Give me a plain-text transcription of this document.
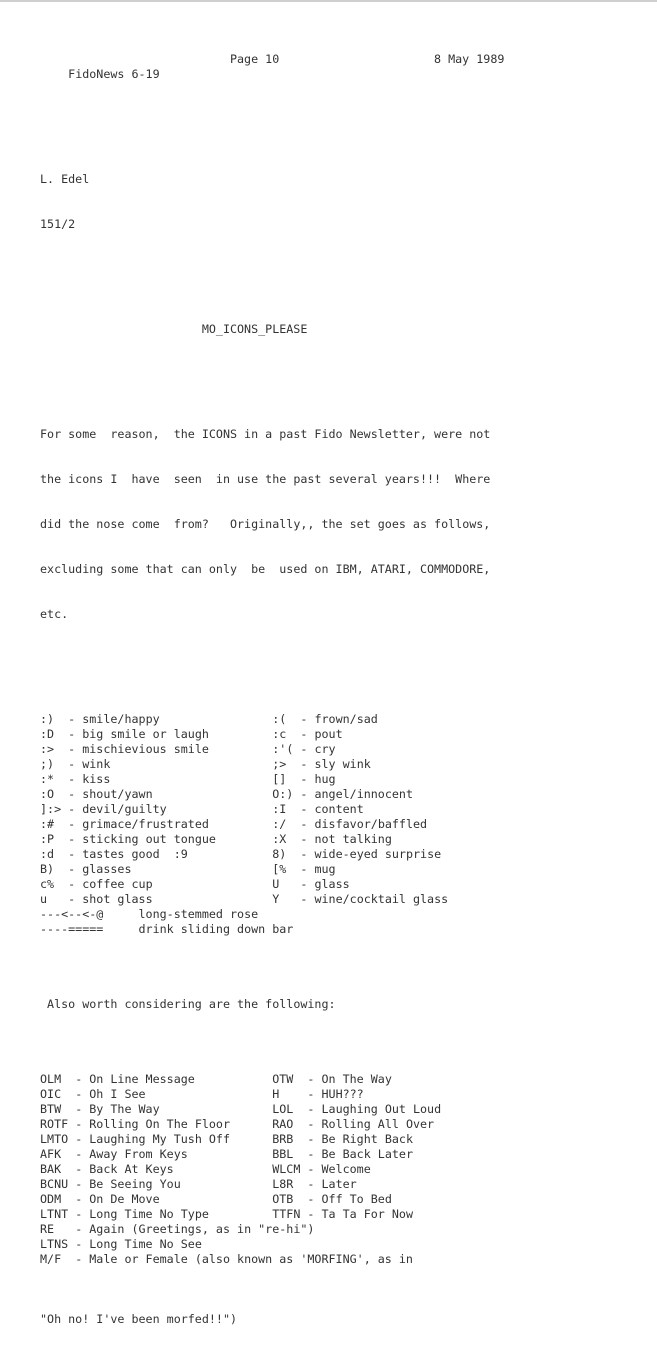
FidoNews 6-19

Page 10

	8 May 1989

L. Edel

151/2

MO_ICONS_PLEASE

For some  reason,  the ICONS in a past Fido Newsletter, were not

the icons I  have  seen  in use the past several years!!!  Where

did the nose come  from?   Originally,, the set goes as follows,

excluding some that can only  be  used on IBM, ATARI, COMMODORE,

etc.

:)  - smile/happy	:(  - frown/sad
:D  - big smile or laugh	:c  - pout
:>  - mischievious smile	:'( - cry
;)  - wink	;>  - sly wink
:*  - kiss	[]  - hug
:O  - shout/yawn	O:) - angel/innocent
]:> - devil/guilty	:I  - content
:#  - grimace/frustrated	:/  - disfavor/baffled
:P  - sticking out tongue	:X  - not talking
:d  - tastes good  :9	8)  - wide-eyed surprise
B)  - glasses	[%  - mug
c%  - coffee cup	U   - glass
u   - shot glass	Y   - wine/cocktail glass
---<--<-@     long-stemmed rose
----=====     drink sliding down bar

Also worth considering are the following:

OLM  - On Line Message	OTW  - On The Way
OIC  - Oh I See	H    - HUH???
BTW  - By The Way	LOL  - Laughing Out Loud
ROTF - Rolling On The Floor	RAO  - Rolling All Over
LMTO - Laughing My Tush Off	BRB  - Be Right Back
AFK  - Away From Keys	BBL  - Be Back Later
BAK  - Back At Keys	WLCM - Welcome
BCNU - Be Seeing You	L8R  - Later
ODM  - On De Move	OTB  - Off To Bed
LTNT - Long Time No Type	TTFN - Ta Ta For Now
RE   - Again (Greetings, as in "re-hi")
LTNS - Long Time No See
M/F  - Male or Female (also known as 'MORFING', as in

"Oh no! I've been morfed!!")
